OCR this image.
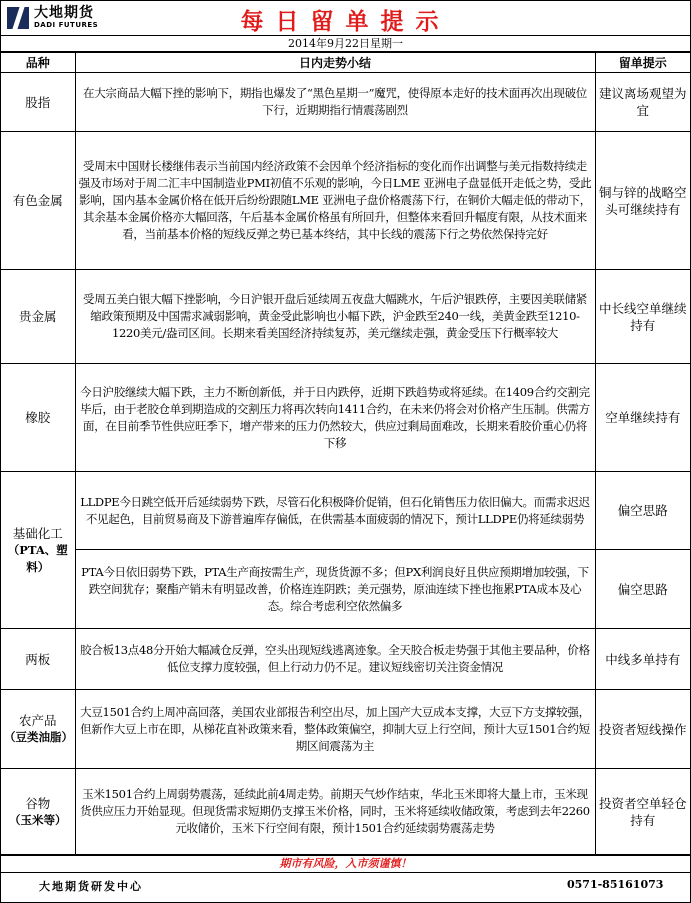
大地期货
DADI FUTURES	每日留单提示
2014年9月22日星期一
品种	日内走势小结	留单提示
股指	在大宗商品大幅下挫的影响下，期指也爆发了“黑色星期一”魔咒，使得原本走好的技术面再次出现破位下行，近期期指行情震荡剧烈	建议离场观望为宜
有色金属	受周末中国财长楼继伟表示当前国内经济政策不会因单个经济指标的变化而作出调整与美元指数持续走强及市场对于周二汇丰中国制造业PMI初值不乐观的影响，今日LME 亚洲电子盘显低开走低之势，受此影响，国内基本金属价格在低开后纷纷跟随LME 亚洲电子盘价格震荡下行，在铜价大幅走低的带动下，其余基本金属价格亦大幅回落，午后基本金属价格虽有所回升，但整体来看回升幅度有限，从技术面来看，当前基本价格的短线反弹之势已基本终结，其中长线的震荡下行之势依然保持完好	铜与锌的战略空头可继续持有
贵金属	受周五美白银大幅下挫影响，今日沪银开盘后延续周五夜盘大幅跳水，午后沪银跌停，主要因美联储紧缩政策预期及中国需求减弱影响，黄金受此影响也小幅下跌，沪金跌至240一线，美黄金跌至1210-1220美元/盎司区间。长期来看美国经济持续复苏，美元继续走强，黄金受压下行概率较大	中长线空单继续持有
橡胶	今日沪胶继续大幅下跌，主力不断创新低，并于日内跌停，近期下跌趋势或将延续。在1409合约交割完毕后，由于老胶仓单到期造成的交割压力将再次转向1411合约，在未来仍将会对价格产生压制。供需方面，在目前季节性供应旺季下，增产带来的压力仍然较大，供应过剩局面难改，长期来看胶价重心仍将下移	空单继续持有
基础化工
（PTA、塑料）	LLDPE今日跳空低开后延续弱势下跌，尽管石化积极降价促销，但石化销售压力依旧偏大。而需求迟迟不见起色，目前贸易商及下游普遍库存偏低，在供需基本面疲弱的情况下，预计LLDPE仍将延续弱势	偏空思路
	PTA今日依旧弱势下跌，PTA生产商按需生产，现货货源不多；但PX利润良好且供应预期增加较强，下跌空间犹存；聚酯产销未有明显改善，价格连连阴跌；美元强势，原油连续下挫也拖累PTA成本及心态。综合考虑利空依然偏多	偏空思路
两板	胶合板13点48分开始大幅减仓反弹，空头出现短线逃离迹象。全天胶合板走势强于其他主要品种，价格低位支撑力度较强，但上行动力仍不足。建议短线密切关注资金情况	中线多单持有
农产品
（豆类油脂）	大豆1501合约上周冲高回落，美国农业部报告利空出尽，加上国产大豆成本支撑，大豆下方支撑较强，但新作大豆上市在即，从梯花直补政策来看，整体政策偏空，抑制大豆上行空间，预计大豆1501合约短期区间震荡为主	投资者短线操作
谷物
（玉米等）	玉米1501合约上周弱势震荡，延续此前4周走势。前期天气炒作结束，华北玉米即将大量上市，玉米现货供应压力开始显现。但现货需求短期仍支撑玉米价格，同时，玉米将延续收储政策，考虑到去年2260元收储价，玉米下行空间有限，预计1501合约延续弱势震荡走势	投资者空单轻仓持有
期市有风险，入市须谨慎！
大地期货研发中心	0571-85161073
